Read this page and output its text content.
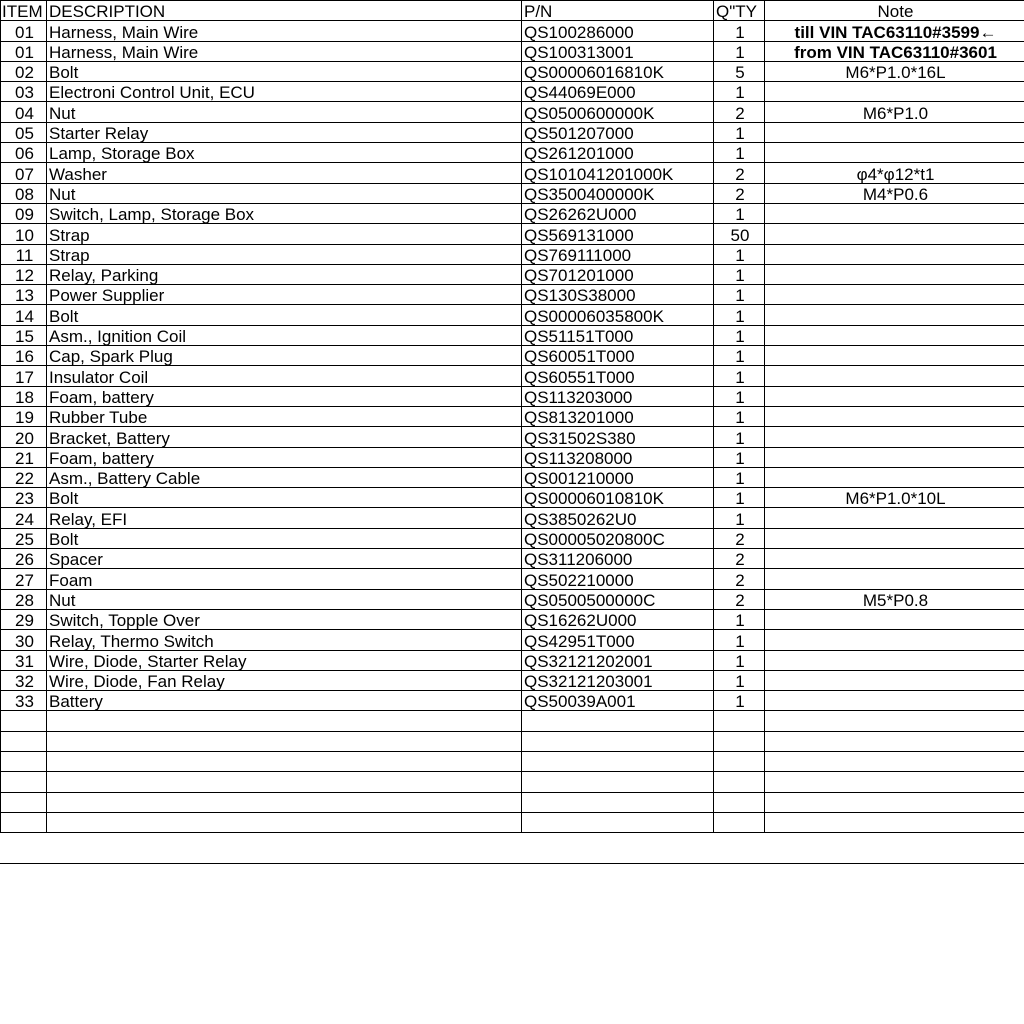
ITEM	DESCRIPTION	P/N	Q"TY	Note
01	Harness, Main Wire	QS100286000	1	till VIN TAC63110#3599←
01	Harness, Main Wire	QS100313001	1	from VIN TAC63110#3601
02	Bolt	QS00006016810K	5	M6*P1.0*16L
03	Electroni Control Unit, ECU	QS44069E000	1	
04	Nut	QS0500600000K	2	M6*P1.0
05	Starter Relay	QS501207000	1	
06	Lamp, Storage Box	QS261201000	1	
07	Washer	QS101041201000K	2	φ4*φ12*t1
08	Nut	QS3500400000K	2	M4*P0.6
09	Switch, Lamp, Storage Box	QS26262U000	1	
10	Strap	QS569131000	50	
11	Strap	QS769111000	1	
12	Relay, Parking	QS701201000	1	
13	Power Supplier	QS130S38000	1	
14	Bolt	QS00006035800K	1	
15	Asm., Ignition Coil	QS51151T000	1	
16	Cap, Spark Plug	QS60051T000	1	
17	Insulator Coil	QS60551T000	1	
18	Foam, battery	QS113203000	1	
19	Rubber Tube	QS813201000	1	
20	Bracket, Battery	QS31502S380	1	
21	Foam, battery	QS113208000	1	
22	Asm., Battery Cable	QS001210000	1	
23	Bolt	QS00006010810K	1	M6*P1.0*10L
24	Relay, EFI	QS3850262U0	1	
25	Bolt	QS00005020800C	2	
26	Spacer	QS311206000	2	
27	Foam	QS502210000	2	
28	Nut	QS0500500000C	2	M5*P0.8
29	Switch, Topple Over	QS16262U000	1	
30	Relay, Thermo Switch	QS42951T000	1	
31	Wire, Diode, Starter Relay	QS32121202001	1	
32	Wire, Diode, Fan Relay	QS32121203001	1	
33	Battery	QS50039A001	1	
